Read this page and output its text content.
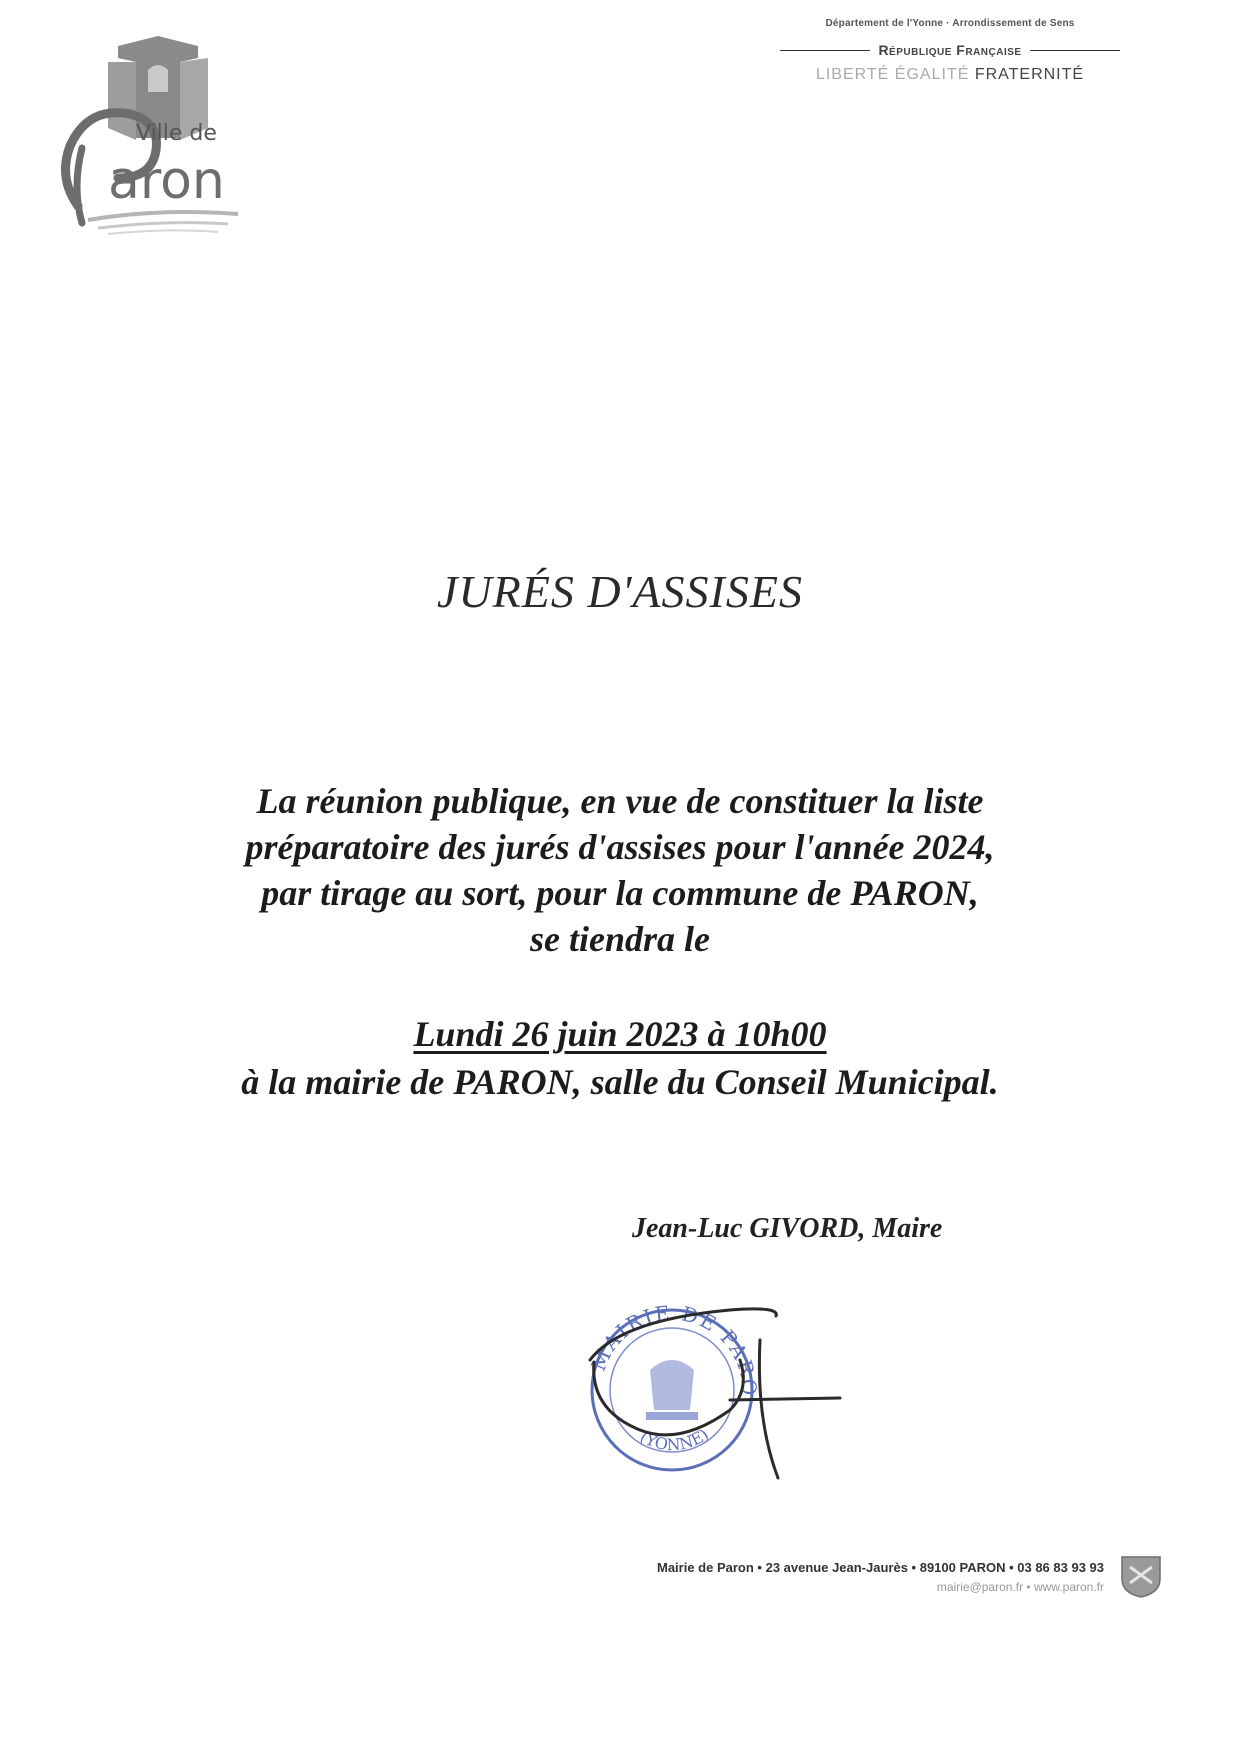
Ville de
aron
Département de l'Yonne · Arrondissement de Sens
République Française
LIBERTÉ ÉGALITÉ FRATERNITÉ
JURÉS D'ASSISES
La réunion publique, en vue de constituer la liste
préparatoire des jurés d'assises pour l'année 2024,
par tirage au sort, pour la commune de PARON,
se tiendra le
Lundi 26 juin 2023 à 10h00
à la mairie de PARON, salle du Conseil Municipal.
Jean-Luc GIVORD, Maire
MAIRIE DE PARO
(YONNE)
Mairie de Paron • 23 avenue Jean-Jaurès • 89100 PARON • 03 86 83 93 93
mairie@paron.fr • www.paron.fr
